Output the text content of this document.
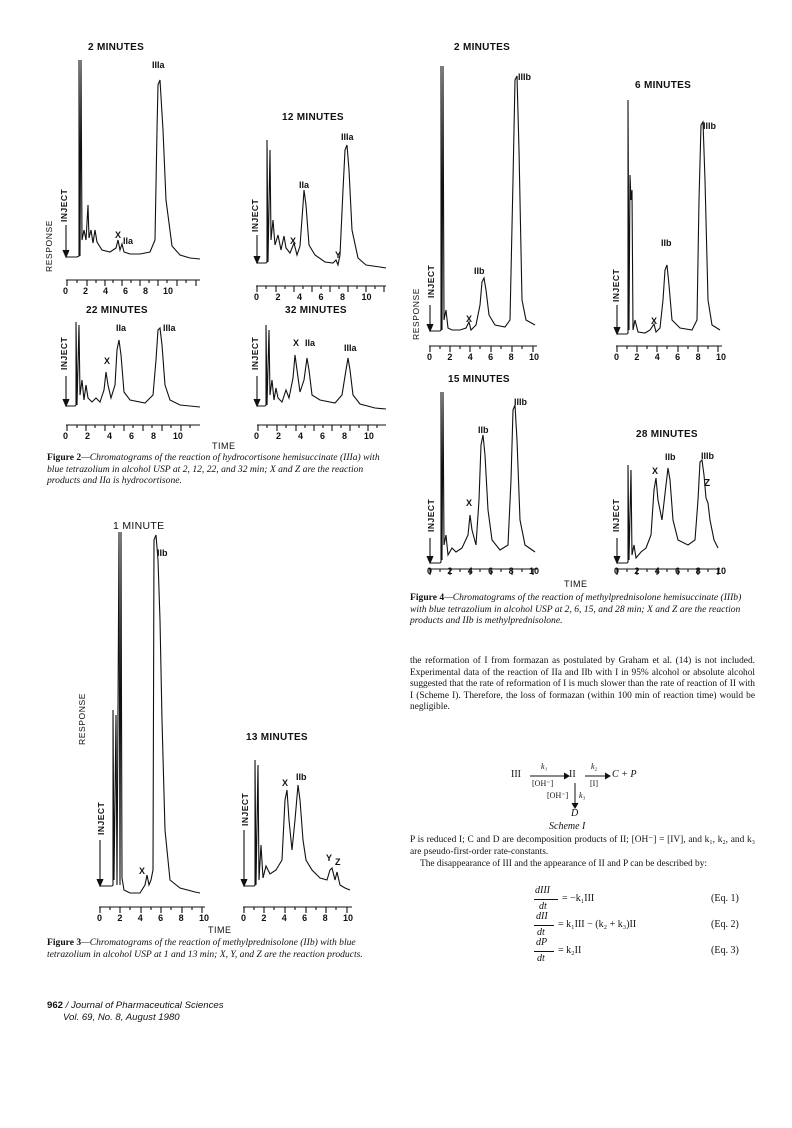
2 MINUTES
RESPONSE
INJECT
IIIa
IIa
X
0 2 4 6 8 10
12 MINUTES
INJECT
IIIa
IIa
X
Y
0 2 4 6 8 10
22 MINUTES
INJECT
IIa	IIIa
X
0 2 4 6 8 10
32 MINUTES
INJECT	X IIa	IIIa
0 2 4 6 8 10
TIME
Figure 2—Chromatograms of the reaction of hydrocortisone hemisuccinate (IIIa) with blue tetrazolium in alcohol USP at 2, 12, 22, and 32 min; X and Z are the reaction products and IIa is hydrocortisone.
1 MINUTE
RESPONSE
INJECT
IIb
X
0 2 4 6 8 10
13 MINUTES
INJECT
IIb
X
Y Z
0 2 4 6 8 10
TIME
Figure 3—Chromatograms of the reaction of methylprednisolone (IIb) with blue tetrazolium in alcohol USP at 1 and 13 min; X, Y, and Z are the reaction products.
2 MINUTES
RESPONSE
INJECT
IIIb
IIb
X
0 2 4 6 8 10
6 MINUTES
INJECT
IIIb
IIb
X
0 2 4 6 8 10
15 MINUTES
INJECT
IIIb
IIb
X
0 2 4 6 8 10
28 MINUTES
INJECT
IIb	IIIb
X
Z
0 2 4 6 8 10
TIME
Figure 4—Chromatograms of the reaction of methylprednisolone hemisuccinate (IIIb) with blue tetrazolium in alcohol USP at 2, 6, 15, and 28 min; X and Z are the reaction products and IIb is methylprednisolone.
the reformation of I from formazan as postulated by Graham et al. (14) is not included. Experimental data of the reaction of IIa and IIb with I in 95% alcohol or absolute alcohol suggested that the rate of reformation of I is much slower than the rate of reaction of II with I (Scheme I). Therefore, the loss of formazan (within 100 min of reaction time) would be negligible.
III
k₁
[OH⁻]
II
k₂
[I]
C + P
[OH⁻] k₃
D
Scheme I
P is reduced I; C and D are decomposition products of II; [OH⁻] = [IV], and k₁, k₂, and k₃ are pseudo-first-order rate-constants.
The disappearance of III and the appearance of II and P can be described by:
dIII
dt
= −k₁III	(Eq. 1)
dII
dt
= k₁III − (k₂ + k₃)II	(Eq. 2)
dP
dt
= k₂II	(Eq. 3)
962 / Journal of Pharmaceutical Sciences
Vol. 69, No. 8, August 1980
